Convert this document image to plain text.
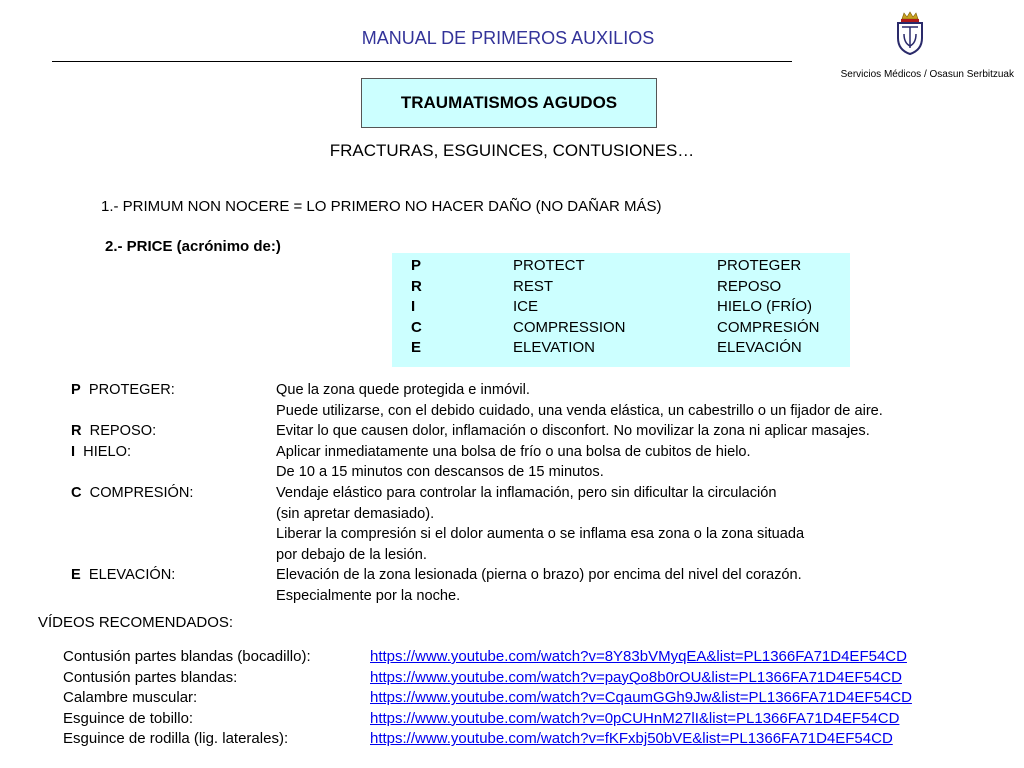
MANUAL DE PRIMEROS AUXILIOS
Servicios Médicos / Osasun Serbitzuak
TRAUMATISMOS AGUDOS
FRACTURAS, ESGUINCES, CONTUSIONES…
1.- PRIMUM NON NOCERE = LO PRIMERO NO HACER DAÑO (NO DAÑAR MÁS)
2.- PRICE (acrónimo de:)
P	PROTECT	PROTEGER
R	REST	REPOSO
I	ICE	HIELO (FRÍO)
C	COMPRESSION	COMPRESIÓN
E	ELEVATION	ELEVACIÓN
P PROTEGER:	Que la zona quede protegida e inmóvil.
Puede utilizarse, con el debido cuidado, una venda elástica, un cabestrillo o un fijador de aire.
R REPOSO:	Evitar lo que causen dolor, inflamación o disconfort. No movilizar la zona ni aplicar masajes.
I HIELO:	Aplicar inmediatamente una bolsa de frío o una bolsa de cubitos de hielo.
De 10 a 15 minutos con descansos de 15 minutos.
C COMPRESIÓN:	Vendaje elástico para controlar la inflamación, pero sin dificultar la circulación
(sin apretar demasiado).
Liberar la compresión si el dolor aumenta o se inflama esa zona o la zona situada
por debajo de la lesión.
E ELEVACIÓN:	Elevación de la zona lesionada (pierna o brazo) por encima del nivel del corazón.
Especialmente por la noche.
VÍDEOS RECOMENDADOS:
Contusión partes blandas (bocadillo):	https://www.youtube.com/watch?v=8Y83bVMyqEA&list=PL1366FA71D4EF54CD
Contusión partes blandas:	https://www.youtube.com/watch?v=payQo8b0rOU&list=PL1366FA71D4EF54CD
Calambre muscular:	https://www.youtube.com/watch?v=CqaumGGh9Jw&list=PL1366FA71D4EF54CD
Esguince de tobillo:	https://www.youtube.com/watch?v=0pCUHnM27lI&list=PL1366FA71D4EF54CD
Esguince de rodilla (lig. laterales):	https://www.youtube.com/watch?v=fKFxbj50bVE&list=PL1366FA71D4EF54CD
